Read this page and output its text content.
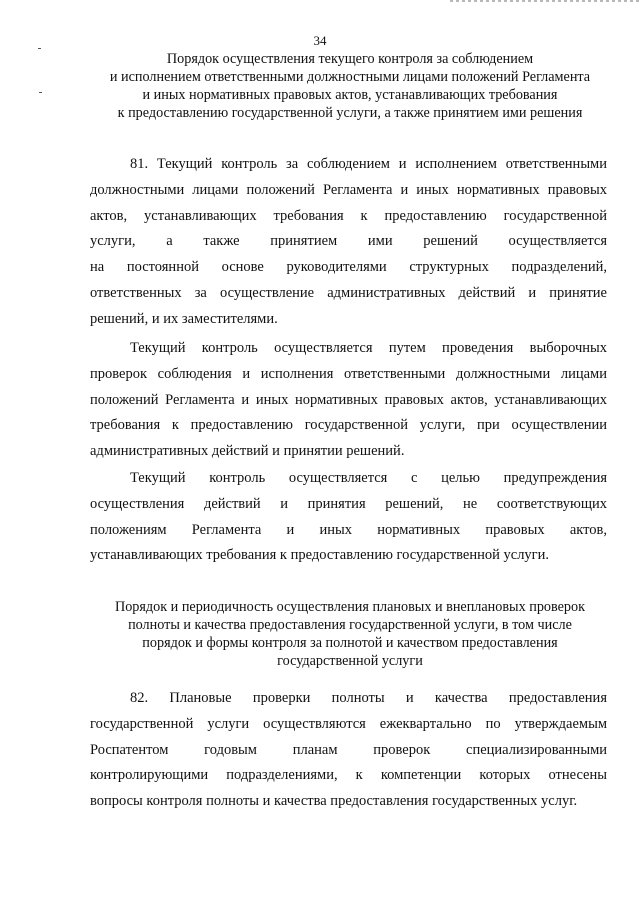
34
Порядок осуществления текущего контроля за соблюдением
и исполнением ответственными должностными лицами положений Регламента
и иных нормативных правовых актов, устанавливающих требования
к предоставлению государственной услуги, а также принятием ими решения
81. Текущий контроль за соблюдением и исполнением ответственными
должностными лицами положений Регламента и иных нормативных правовых
актов, устанавливающих требования к предоставлению государственной
услуги, а также принятием ими решений осуществляется
на постоянной основе руководителями структурных подразделений,
ответственных за осуществление административных действий и принятие
решений, и их заместителями.
Текущий контроль осуществляется путем проведения выборочных
проверок соблюдения и исполнения ответственными должностными лицами
положений Регламента и иных нормативных правовых актов, устанавливающих
требования к предоставлению государственной услуги, при осуществлении
административных действий и принятии решений.
Текущий контроль осуществляется с целью предупреждения
осуществления действий и принятия решений, не соответствующих
положениям Регламента и иных нормативных правовых актов,
устанавливающих требования к предоставлению государственной услуги.
Порядок и периодичность осуществления плановых и внеплановых проверок
полноты и качества предоставления государственной услуги, в том числе
порядок и формы контроля за полнотой и качеством предоставления
государственной услуги
82. Плановые проверки полноты и качества предоставления
государственной услуги осуществляются ежеквартально по утверждаемым
Роспатентом годовым планам проверок специализированными
контролирующими подразделениями, к компетенции которых отнесены
вопросы контроля полноты и качества предоставления государственных услуг.
